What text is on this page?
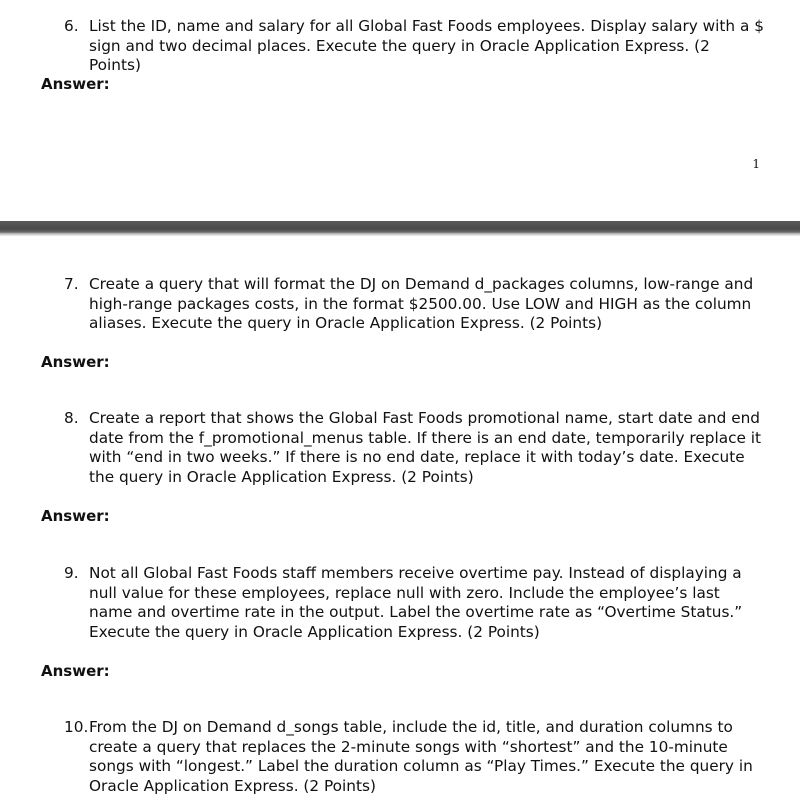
6. List the ID, name and salary for all Global Fast Foods employees. Display salary with a $ sign and two decimal places. Execute the query in Oracle Application Express. (2 Points)
Answer:
1
7. Create a query that will format the DJ on Demand d_packages columns, low-range and high-range packages costs, in the format $2500.00. Use LOW and HIGH as the column aliases. Execute the query in Oracle Application Express. (2 Points)
Answer:
8. Create a report that shows the Global Fast Foods promotional name, start date and end date from the f_promotional_menus table. If there is an end date, temporarily replace it with “end in two weeks.” If there is no end date, replace it with today’s date. Execute the query in Oracle Application Express. (2 Points)
Answer:
9. Not all Global Fast Foods staff members receive overtime pay. Instead of displaying a null value for these employees, replace null with zero. Include the employee’s last name and overtime rate in the output. Label the overtime rate as “Overtime Status.” Execute the query in Oracle Application Express. (2 Points)
Answer:
10. From the DJ on Demand d_songs table, include the id, title, and duration columns to create a query that replaces the 2-minute songs with “shortest” and the 10-minute songs with “longest.” Label the duration column as “Play Times.” Execute the query in Oracle Application Express. (2 Points)
